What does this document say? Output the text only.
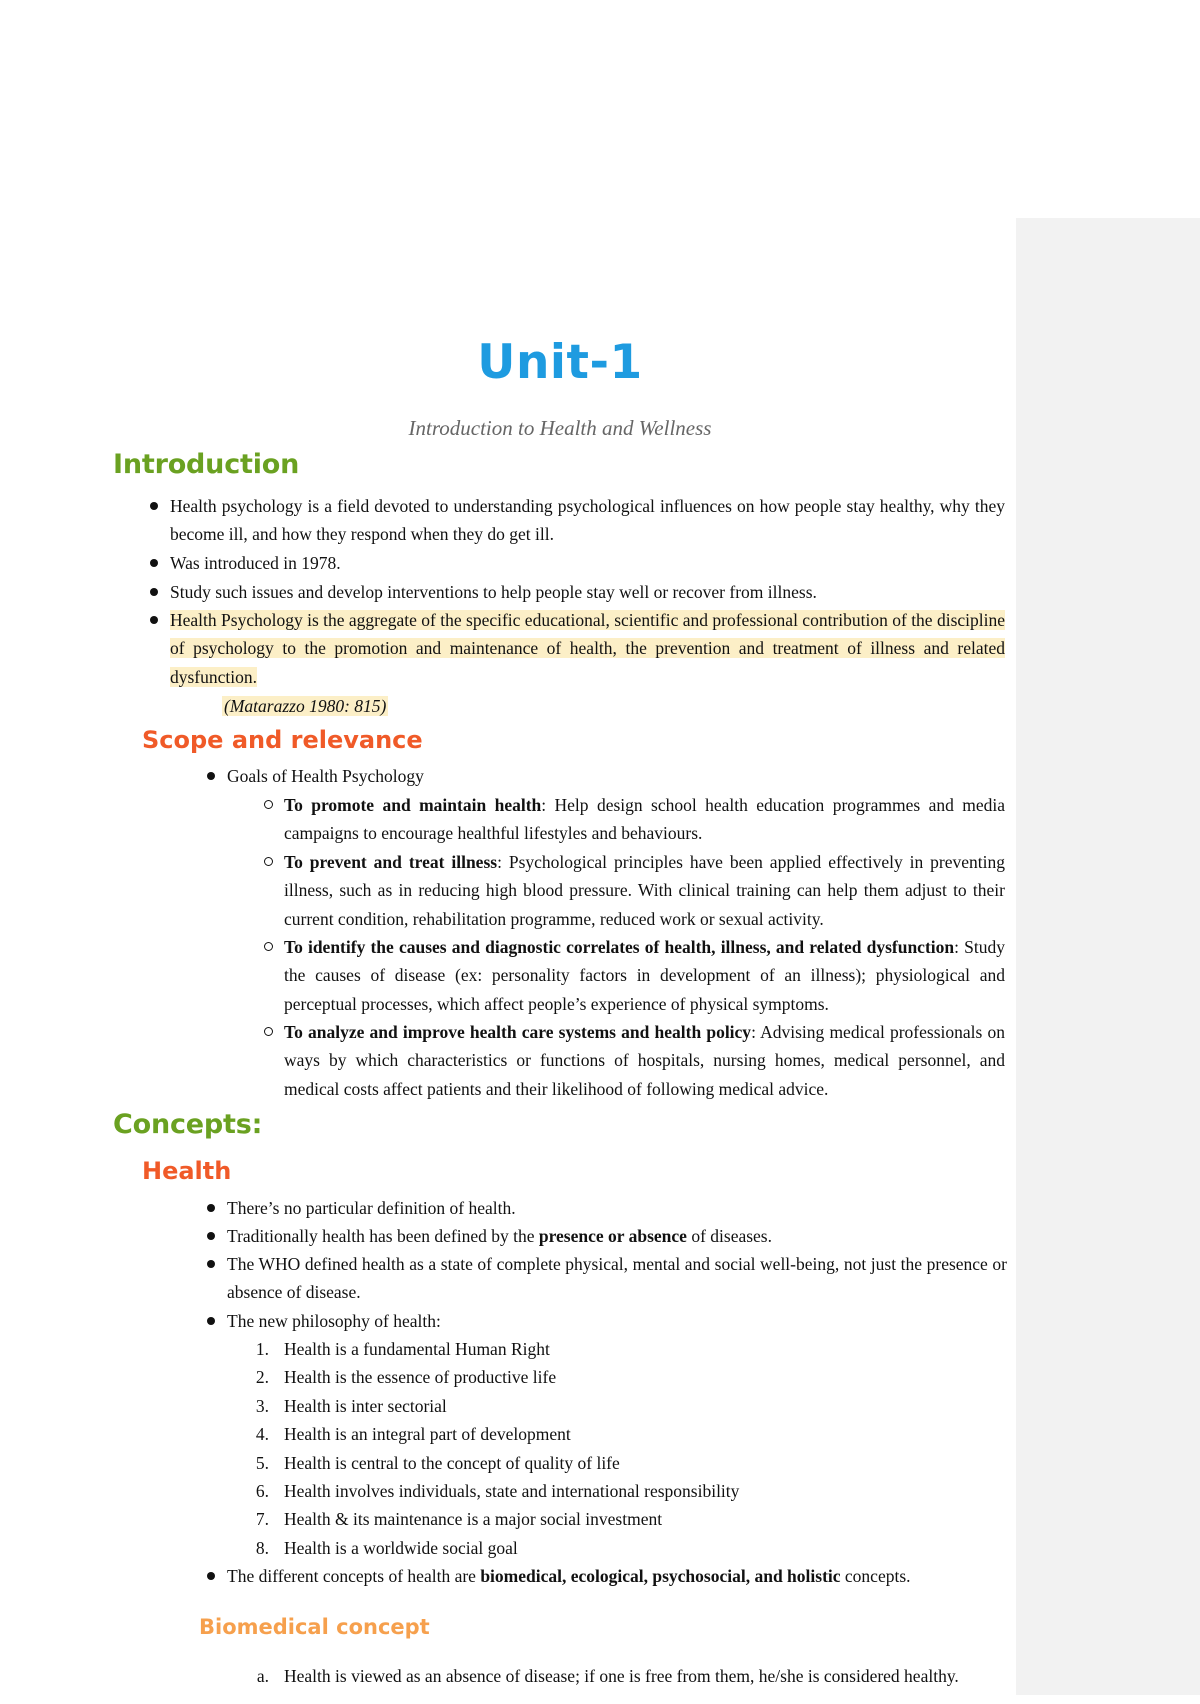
Unit-1
Introduction to Health and Wellness
Introduction
Health psychology is a field devoted to understanding psychological influences on how people stay healthy, why they become ill, and how they respond when they do get ill.
Was introduced in 1978.
Study such issues and develop interventions to help people stay well or recover from illness.
Health Psychology is the aggregate of the specific educational, scientific and professional contribution of the discipline of psychology to the promotion and maintenance of health, the prevention and treatment of illness and related dysfunction.
(Matarazzo 1980: 815)
Scope and relevance
Goals of Health Psychology
To promote and maintain health: Help design school health education programmes and media campaigns to encourage healthful lifestyles and behaviours.
To prevent and treat illness: Psychological principles have been applied effectively in preventing illness, such as in reducing high blood pressure. With clinical training can help them adjust to their current condition, rehabilitation programme, reduced work or sexual activity.
To identify the causes and diagnostic correlates of health, illness, and related dysfunction: Study the causes of disease (ex: personality factors in development of an illness); physiological and perceptual processes, which affect people’s experience of physical symptoms.
To analyze and improve health care systems and health policy: Advising medical professionals on ways by which characteristics or functions of hospitals, nursing homes, medical personnel, and medical costs affect patients and their likelihood of following medical advice.
Concepts:
Health
There’s no particular definition of health.
Traditionally health has been defined by the presence or absence of diseases.
The WHO defined health as a state of complete physical, mental and social well-being, not just the presence or absence of disease.
The new philosophy of health:
1. Health is a fundamental Human Right
2. Health is the essence of productive life
3. Health is inter sectorial
4. Health is an integral part of development
5. Health is central to the concept of quality of life
6. Health involves individuals, state and international responsibility
7. Health & its maintenance is a major social investment
8. Health is a worldwide social goal
The different concepts of health are biomedical, ecological, psychosocial, and holistic concepts.
Biomedical concept
a. Health is viewed as an absence of disease; if one is free from them, he/she is considered healthy.
